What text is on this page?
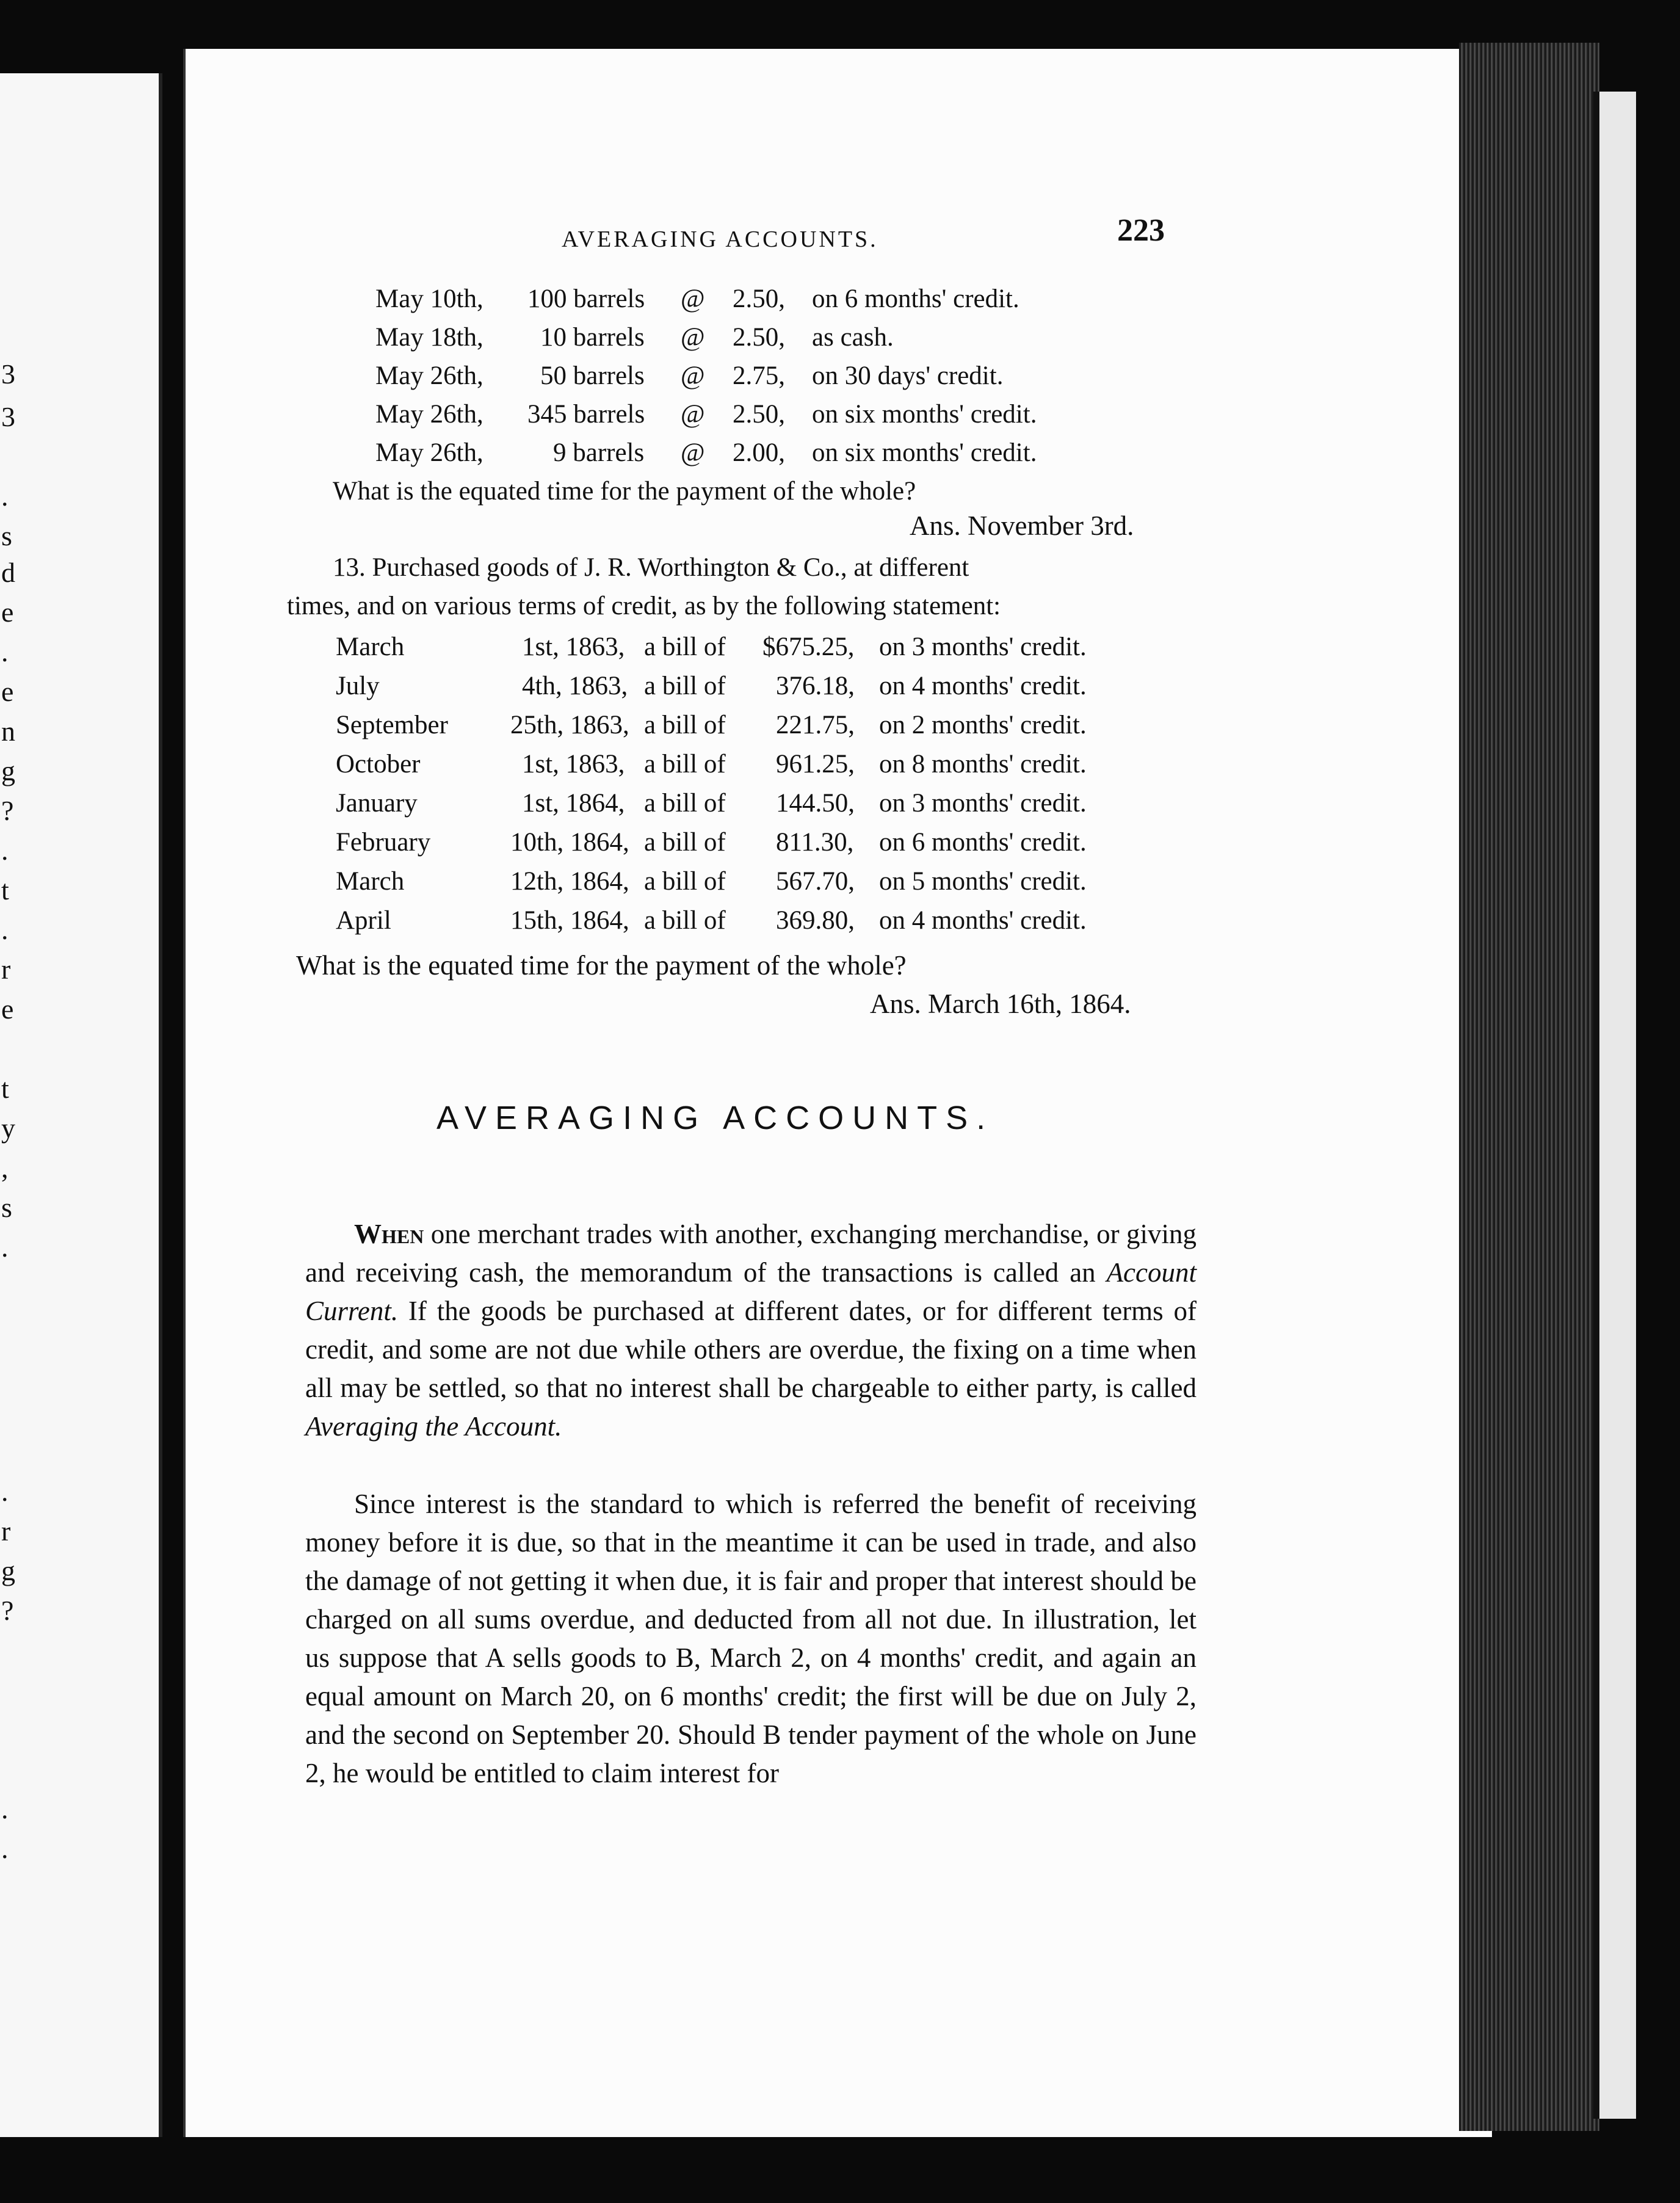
3
3
.
s
d
e
.
e
n
g
?
.
t
.
r
e
t
y
,
s
.
.
r
g
?
.
.
AVERAGING ACCOUNTS.	223
May 10th, 100 barrels @ 2.50, on 6 months' credit.
May 18th, 10 barrels @ 2.50, as cash.
May 26th, 50 barrels @ 2.75, on 30 days' credit.
May 26th, 345 barrels @ 2.50, on six months' credit.
May 26th,	9 barrels @ 2.00, on six months' credit.
What is the equated time for the payment of the whole?
Ans. November 3rd.
13. Purchased goods of J. R. Worthington & Co., at different
times, and on various terms of credit, as by the following statement:
March	1st, 1863, a bill of $675.25, on 3 months' credit.
July	4th, 1863, a bill of 376.18, on 4 months' credit.
September 25th, 1863, a bill of 221.75, on 2 months' credit.
October	1st, 1863, a bill of 961.25, on 8 months' credit.
January	1st, 1864, a bill of 144.50, on 3 months' credit.
February	10th, 1864, a bill of 811.30, on 6 months' credit.
March	12th, 1864, a bill of 567.70, on 5 months' credit.
April	15th, 1864, a bill of 369.80, on 4 months' credit.
What is the equated time for the payment of the whole?
Ans. March 16th, 1864.
AVERAGING ACCOUNTS.
When one merchant trades with another, exchanging merchandise, or giving and receiving cash, the memorandum of the transactions is called an Account Current. If the goods be purchased at different dates, or for different terms of credit, and some are not due while others are overdue, the fixing on a time when all may be settled, so that no interest shall be chargeable to either party, is called Averaging the Account.
Since interest is the standard to which is referred the benefit of receiving money before it is due, so that in the meantime it can be used in trade, and also the damage of not getting it when due, it is fair and proper that interest should be charged on all sums overdue, and deducted from all not due. In illustration, let us suppose that A sells goods to B, March 2, on 4 months' credit, and again an equal amount on March 20, on 6 months' credit; the first will be due on July 2, and the second on September 20. Should B tender payment of the whole on June 2, he would be entitled to claim interest for
